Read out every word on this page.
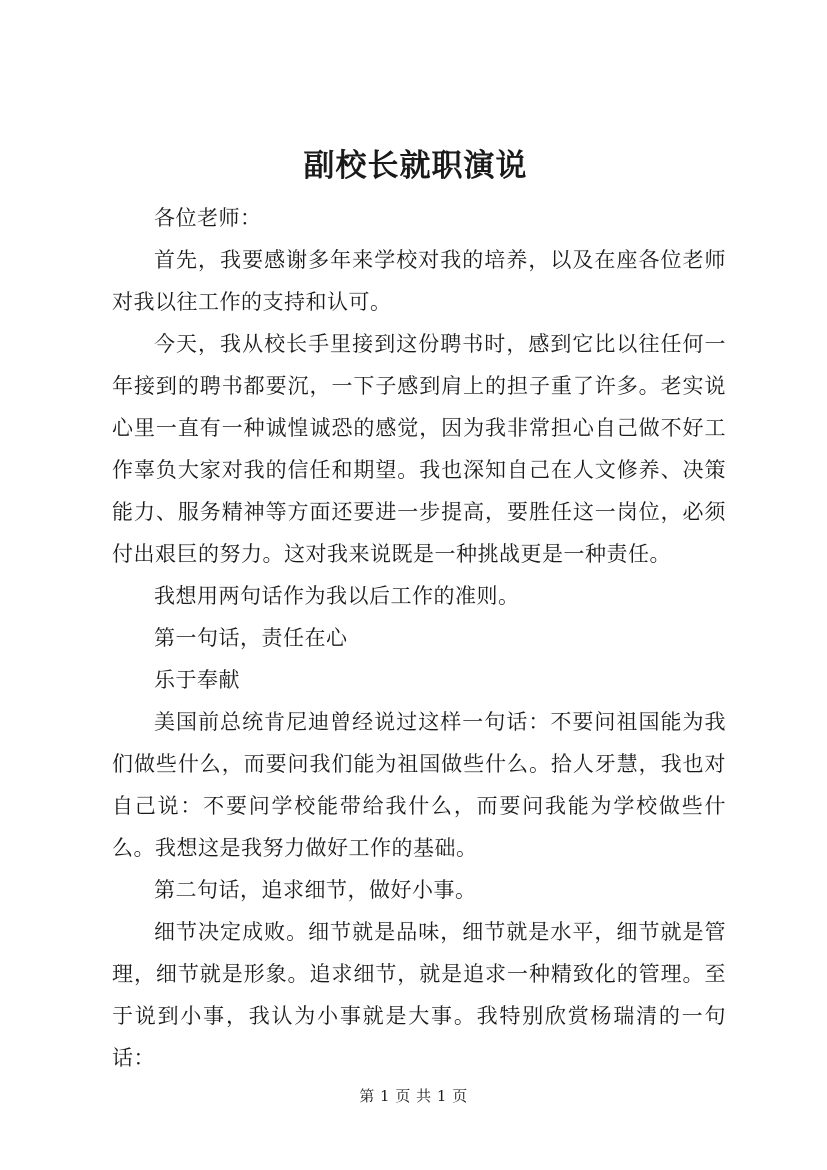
副校长就职演说

各位老师：

首先，我要感谢多年来学校对我的培养，以及在座各位老师对我以往工作的支持和认可。

今天，我从校长手里接到这份聘书时，感到它比以往任何一年接到的聘书都要沉，一下子感到肩上的担子重了许多。老实说心里一直有一种诚惶诚恐的感觉，因为我非常担心自己做不好工作辜负大家对我的信任和期望。我也深知自己在人文修养、决策能力、服务精神等方面还要进一步提高，要胜任这一岗位，必须付出艰巨的努力。这对我来说既是一种挑战更是一种责任。

我想用两句话作为我以后工作的准则。

第一句话，责任在心

乐于奉献

美国前总统肯尼迪曾经说过这样一句话：不要问祖国能为我们做些什么，而要问我们能为祖国做些什么。拾人牙慧，我也对自己说：不要问学校能带给我什么，而要问我能为学校做些什么。我想这是我努力做好工作的基础。

第二句话，追求细节，做好小事。

细节决定成败。细节就是品味，细节就是水平，细节就是管理，细节就是形象。追求细节，就是追求一种精致化的管理。至于说到小事，我认为小事就是大事。我特别欣赏杨瑞清的一句话：

第 1 页 共 1 页
